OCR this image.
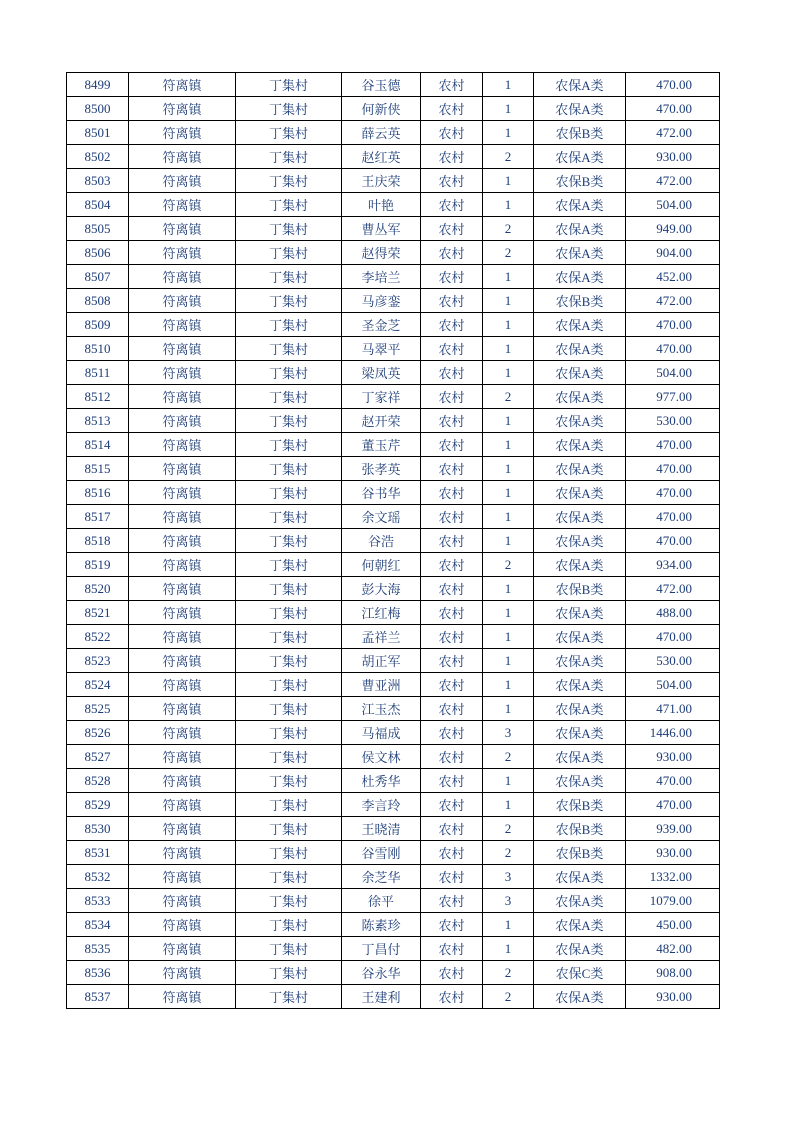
8499	符离镇	丁集村	谷玉德	农村	1	农保A类	470.00
8500	符离镇	丁集村	何新侠	农村	1	农保A类	470.00
8501	符离镇	丁集村	薛云英	农村	1	农保B类	472.00
8502	符离镇	丁集村	赵红英	农村	2	农保A类	930.00
8503	符离镇	丁集村	王庆荣	农村	1	农保B类	472.00
8504	符离镇	丁集村	叶艳	农村	1	农保A类	504.00
8505	符离镇	丁集村	曹丛军	农村	2	农保A类	949.00
8506	符离镇	丁集村	赵得荣	农村	2	农保A类	904.00
8507	符离镇	丁集村	李培兰	农村	1	农保A类	452.00
8508	符离镇	丁集村	马彦銮	农村	1	农保B类	472.00
8509	符离镇	丁集村	圣金芝	农村	1	农保A类	470.00
8510	符离镇	丁集村	马翠平	农村	1	农保A类	470.00
8511	符离镇	丁集村	梁凤英	农村	1	农保A类	504.00
8512	符离镇	丁集村	丁家祥	农村	2	农保A类	977.00
8513	符离镇	丁集村	赵开荣	农村	1	农保A类	530.00
8514	符离镇	丁集村	董玉芹	农村	1	农保A类	470.00
8515	符离镇	丁集村	张孝英	农村	1	农保A类	470.00
8516	符离镇	丁集村	谷书华	农村	1	农保A类	470.00
8517	符离镇	丁集村	余文瑶	农村	1	农保A类	470.00
8518	符离镇	丁集村	谷浩	农村	1	农保A类	470.00
8519	符离镇	丁集村	何朝红	农村	2	农保A类	934.00
8520	符离镇	丁集村	彭大海	农村	1	农保B类	472.00
8521	符离镇	丁集村	江红梅	农村	1	农保A类	488.00
8522	符离镇	丁集村	孟祥兰	农村	1	农保A类	470.00
8523	符离镇	丁集村	胡正军	农村	1	农保A类	530.00
8524	符离镇	丁集村	曹亚洲	农村	1	农保A类	504.00
8525	符离镇	丁集村	江玉杰	农村	1	农保A类	471.00
8526	符离镇	丁集村	马福成	农村	3	农保A类	1446.00
8527	符离镇	丁集村	侯文林	农村	2	农保A类	930.00
8528	符离镇	丁集村	杜秀华	农村	1	农保A类	470.00
8529	符离镇	丁集村	李言玲	农村	1	农保B类	470.00
8530	符离镇	丁集村	王晓清	农村	2	农保B类	939.00
8531	符离镇	丁集村	谷雪刚	农村	2	农保B类	930.00
8532	符离镇	丁集村	余芝华	农村	3	农保A类	1332.00
8533	符离镇	丁集村	徐平	农村	3	农保A类	1079.00
8534	符离镇	丁集村	陈素珍	农村	1	农保A类	450.00
8535	符离镇	丁集村	丁昌付	农村	1	农保A类	482.00
8536	符离镇	丁集村	谷永华	农村	2	农保C类	908.00
8537	符离镇	丁集村	王建利	农村	2	农保A类	930.00
